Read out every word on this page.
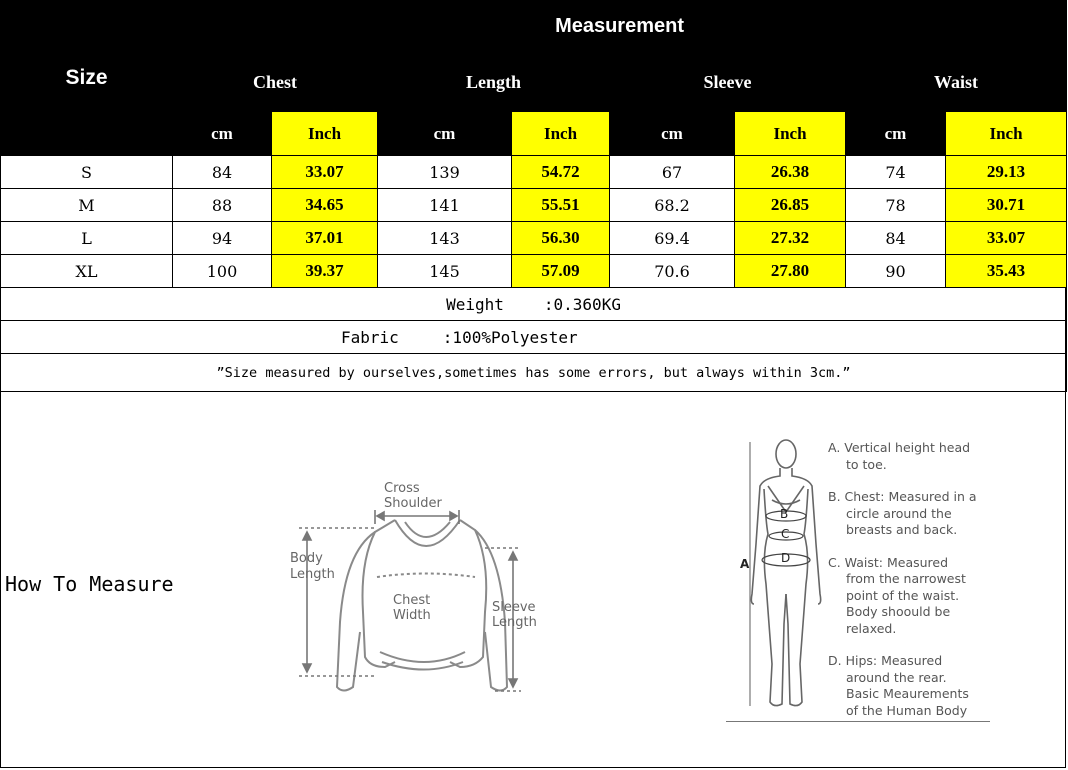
Size	Measurement							
	Chest		Length		Sleeve		Waist	
	cm	Inch	cm	Inch	cm	Inch	cm	Inch
S	84	33.07	139	54.72	67	26.38	74	29.13
M	88	34.65	141	55.51	68.2	26.85	78	30.71
L	94	37.01	143	56.30	69.4	27.32	84	33.07
XL	100	39.37	145	57.09	70.6	27.80	90	35.43
Weight :0.360KG								
Fabric :100%Polyester								
”Size measured by ourselves,sometimes has some errors, but always within 3cm.”								
How To Measure
Cross
Shoulder
Body
Length
Chest
Width
Sleeve
Length
B
C
D
A
A. Vertical height head
to toe.
B. Chest: Measured in a
circle around the
breasts and back.
C. Waist: Measured
from the narrowest
point of the waist.
Body shoould be
relaxed.
D. Hips: Measured
around the rear.
Basic Meaurements
of the Human Body
